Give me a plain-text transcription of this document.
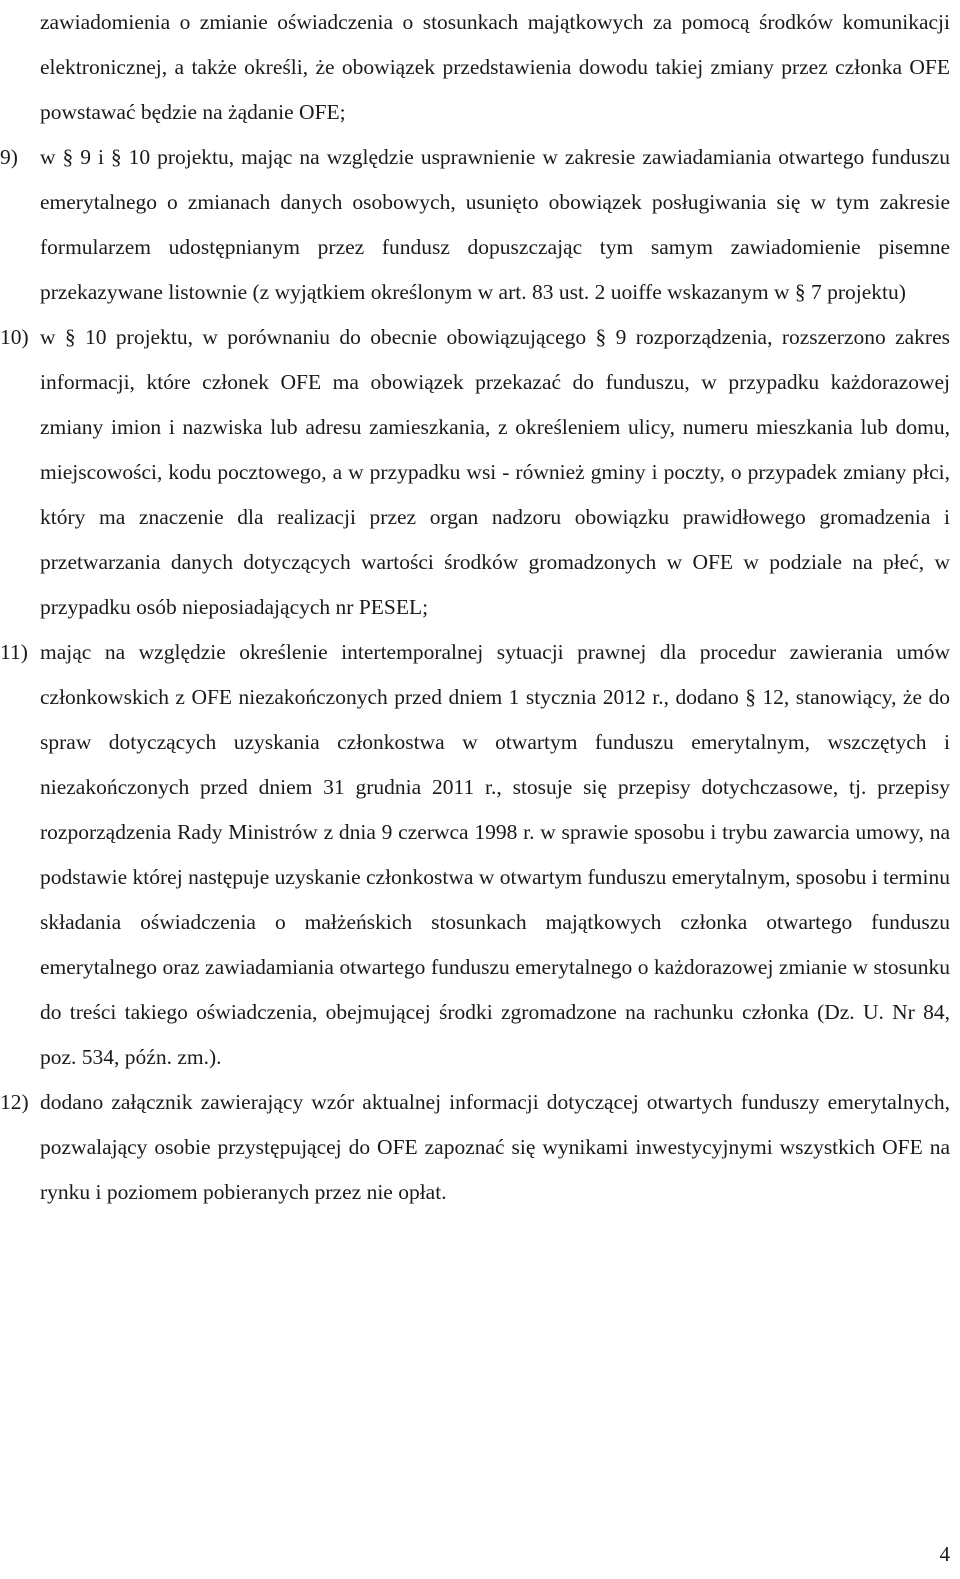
zawiadomienia o zmianie oświadczenia o stosunkach majątkowych za pomocą środków komunikacji elektronicznej, a także określi, że obowiązek przedstawienia dowodu takiej zmiany przez członka OFE powstawać będzie na żądanie OFE;

9) w § 9 i § 10 projektu, mając na względzie usprawnienie w zakresie zawiadamiania otwartego funduszu emerytalnego o zmianach danych osobowych, usunięto obowiązek posługiwania się w tym zakresie formularzem udostępnianym przez fundusz dopuszczając tym samym zawiadomienie pisemne przekazywane listownie (z wyjątkiem określonym w art. 83 ust. 2 uoiffe wskazanym w § 7 projektu)

10) w § 10 projektu, w porównaniu do obecnie obowiązującego § 9 rozporządzenia, rozszerzono zakres informacji, które członek OFE ma obowiązek przekazać do funduszu, w przypadku każdorazowej zmiany imion i nazwiska lub adresu zamieszkania, z określeniem ulicy, numeru mieszkania lub domu, miejscowości, kodu pocztowego, a w przypadku wsi - również gminy i poczty, o przypadek zmiany płci, który ma znaczenie dla realizacji przez organ nadzoru obowiązku prawidłowego gromadzenia i przetwarzania danych dotyczących wartości środków gromadzonych w OFE w podziale na płeć, w przypadku osób nieposiadających nr PESEL;

11) mając na względzie określenie intertemporalnej sytuacji prawnej dla procedur zawierania umów członkowskich z OFE niezakończonych przed dniem 1 stycznia 2012 r., dodano § 12, stanowiący, że do spraw dotyczących uzyskania członkostwa w otwartym funduszu emerytalnym, wszczętych i niezakończonych przed dniem 31 grudnia 2011 r., stosuje się przepisy dotychczasowe, tj. przepisy rozporządzenia Rady Ministrów z dnia 9 czerwca 1998 r. w sprawie sposobu i trybu zawarcia umowy, na podstawie której następuje uzyskanie członkostwa w otwartym funduszu emerytalnym, sposobu i terminu składania oświadczenia o małżeńskich stosunkach majątkowych członka otwartego funduszu emerytalnego oraz zawiadamiania otwartego funduszu emerytalnego o każdorazowej zmianie w stosunku do treści takiego oświadczenia, obejmującej środki zgromadzone na rachunku członka (Dz. U. Nr 84, poz. 534, późn. zm.).

12) dodano załącznik zawierający wzór aktualnej informacji dotyczącej otwartych funduszy emerytalnych, pozwalający osobie przystępującej do OFE zapoznać się wynikami inwestycyjnymi wszystkich OFE na rynku i poziomem pobieranych przez nie opłat.

4
